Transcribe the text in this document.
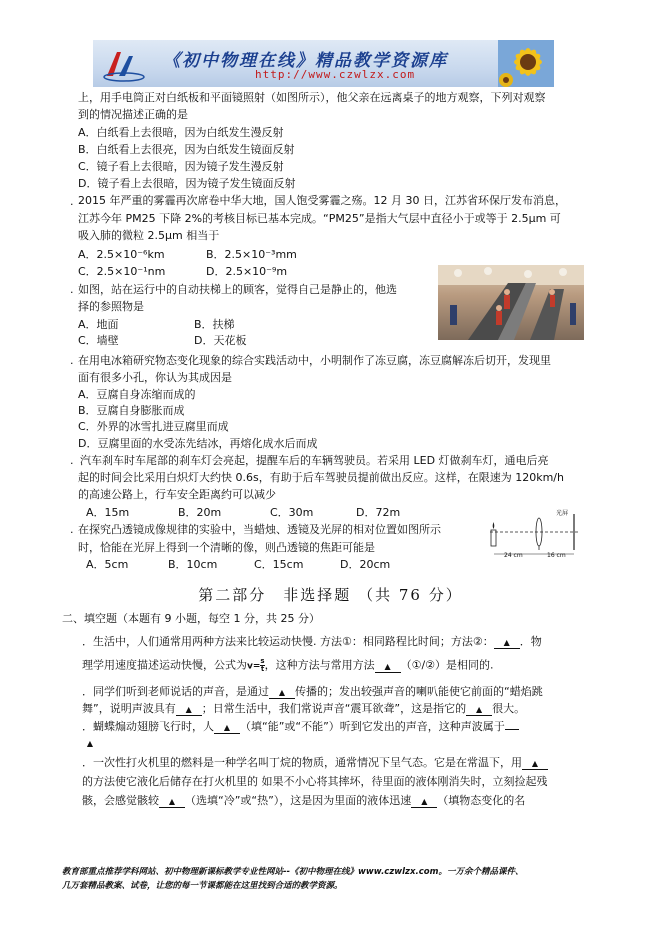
《初中物理在线》精品教学资源库
http://www.czwlzx.com
上，用手电筒正对白纸板和平面镜照射（如图所示），他父亲在远离桌子的地方观察，下列对观察
到的情况描述正确的是
A．白纸看上去很暗，因为白纸发生漫反射
B．白纸看上去很亮，因为白纸发生镜面反射
C．镜子看上去很暗，因为镜子发生漫反射
D．镜子看上去很暗，因为镜子发生镜面反射
. 2015 年严重的雾霾再次席卷中华大地，国人饱受雾霾之殇。12 月 30 日，江苏省环保厅发布消息，
江苏今年 PM25 下降 2%的考核目标已基本完成。“PM25”是指大气层中直径小于或等于 2.5μm 可
吸入肺的微粒 2.5μm 相当于
A．2.5×10⁻⁶km	B．2.5×10⁻³mm
C．2.5×10⁻¹nm	D．2.5×10⁻⁹m
. 如图，站在运行中的自动扶梯上的顾客，觉得自己是静止的，他选
择的参照物是
A．地面	B．扶梯
C．墙壁	D．天花板
. 在用电冰箱研究物态变化现象的综合实践活动中，小明制作了冻豆腐，冻豆腐解冻后切开，发现里
面有很多小孔，你认为其成因是
A．豆腐自身冻缩而成的
B．豆腐自身膨胀而成
C．外界的冰雪扎进豆腐里而成
D．豆腐里面的水受冻先结冰，再熔化成水后而成
. 汽车刹车时车尾部的刹车灯会亮起，提醒车后的车辆驾驶员。若采用 LED 灯做刹车灯，通电后亮
起的时间会比采用白炽灯大约快 0.6s，有助于后车驾驶员提前做出反应。这样，在限速为 120km/h
的高速公路上，行车安全距离约可以减少
A．15m	B．20m	C．30m	D．72m
. 在探究凸透镜成像规律的实验中，当蜡烛、透镜及光屏的相对位置如图所示
时，恰能在光屏上得到一个清晰的像，则凸透镜的焦距可能是
A．5cm	B．10cm	C．15cm	D．20cm
24 cm	16 cm
光屏
第二部分　非选择题 （共 76 分）
二、填空题（本题有 9 小题，每空 1 分，共 25 分）
．生活中，人们通常用两种方法来比较运动快慢. 方法①：相同路程比时间；方法②： ▲ ．物
理学用速度描述运动快慢，公式为$v= \frac{s}{t}$ ，这种方法与常用方法 ▲ （①/②）是相同的.
．同学们听到老师说话的声音，是通过 ▲ 传播的；发出较强声音的喇叭能使它前面的“蜡焰跳
舞”，说明声波具有 ▲ ；日常生活中，我们常说声音“震耳欲聋”，这是指它的 ▲ 很大。
．蝴蝶煽动翅膀飞行时，人 ▲ （填“能”或“不能”）听到它发出的声音，这种声波属于
▲
．一次性打火机里的燃料是一种学名叫丁烷的物质，通常情况下呈气态。它是在常温下，用 ▲
的方法使它液化后储存在打火机里的 如果不小心将其摔坏，待里面的液体刚消失时，立刻捡起残
骸，会感觉骸较 ▲ （选填“冷”或“热”），这是因为里面的液体迅速 ▲ （填物态变化的名
教育部重点推荐学科网站、初中物理新课标教学专业性网站--《初中物理在线》www.czwlzx.com。一万余个精品课件、
几万套精品教案、试卷，让您的每一节课都能在这里找到合适的教学资源。
